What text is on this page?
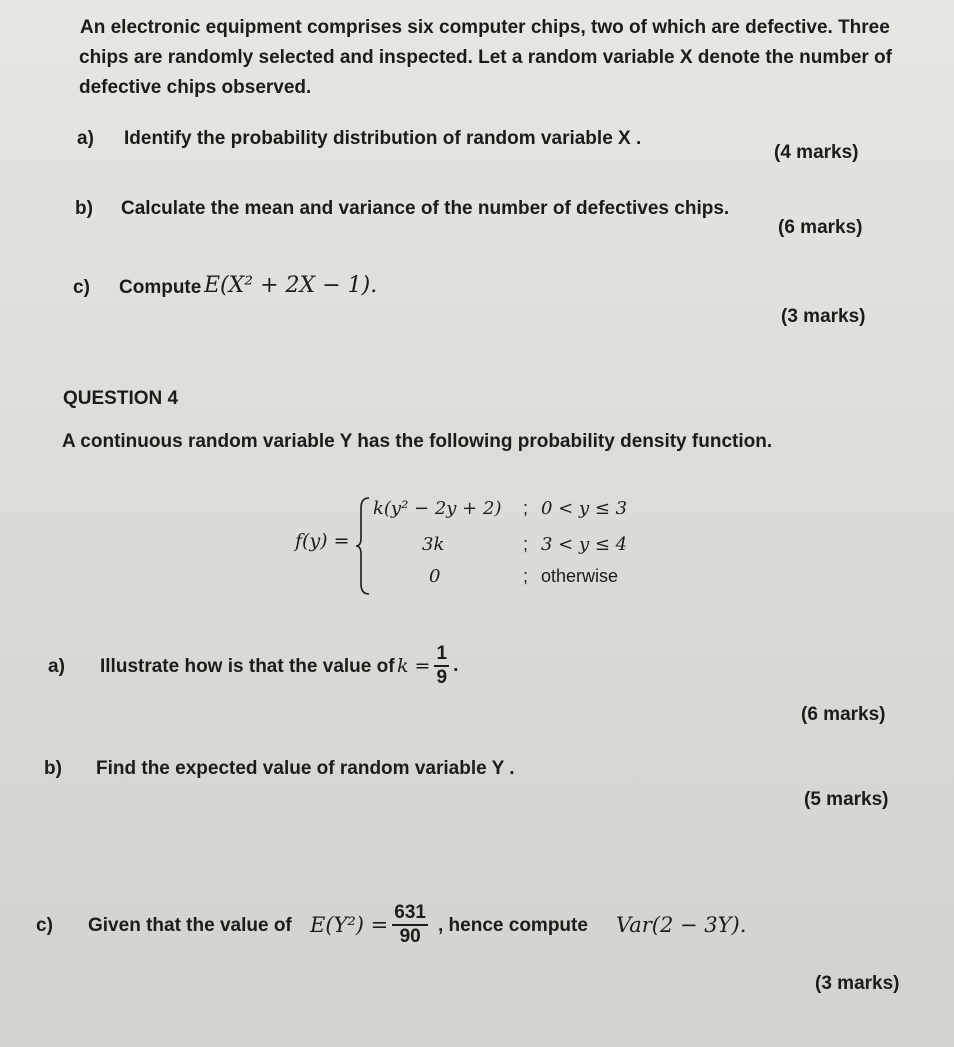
An electronic equipment comprises six computer chips, two of which are defective. Three
chips are randomly selected and inspected. Let a random variable X denote the number of
defective chips observed.
a) Identify the probability distribution of random variable X .
(4 marks)
b) Calculate the mean and variance of the number of defectives chips.
(6 marks)
c) Compute E(X² + 2X − 1).
(3 marks)
QUESTION 4
A continuous random variable Y has the following probability density function.
f(y) =
k(y² − 2y + 2) ; 0 < y ≤ 3
3k	; 3 < y ≤ 4
0	; otherwise
a) Illustrate how is that the value of $k = \frac{1}{9}$ .
(6 marks)
b) Find the expected value of random variable Y .
(5 marks)
c) Given that the value of $E(Y^2) = \frac{631}{90}$ , hence compute Var(2 − 3Y).
(3 marks)
